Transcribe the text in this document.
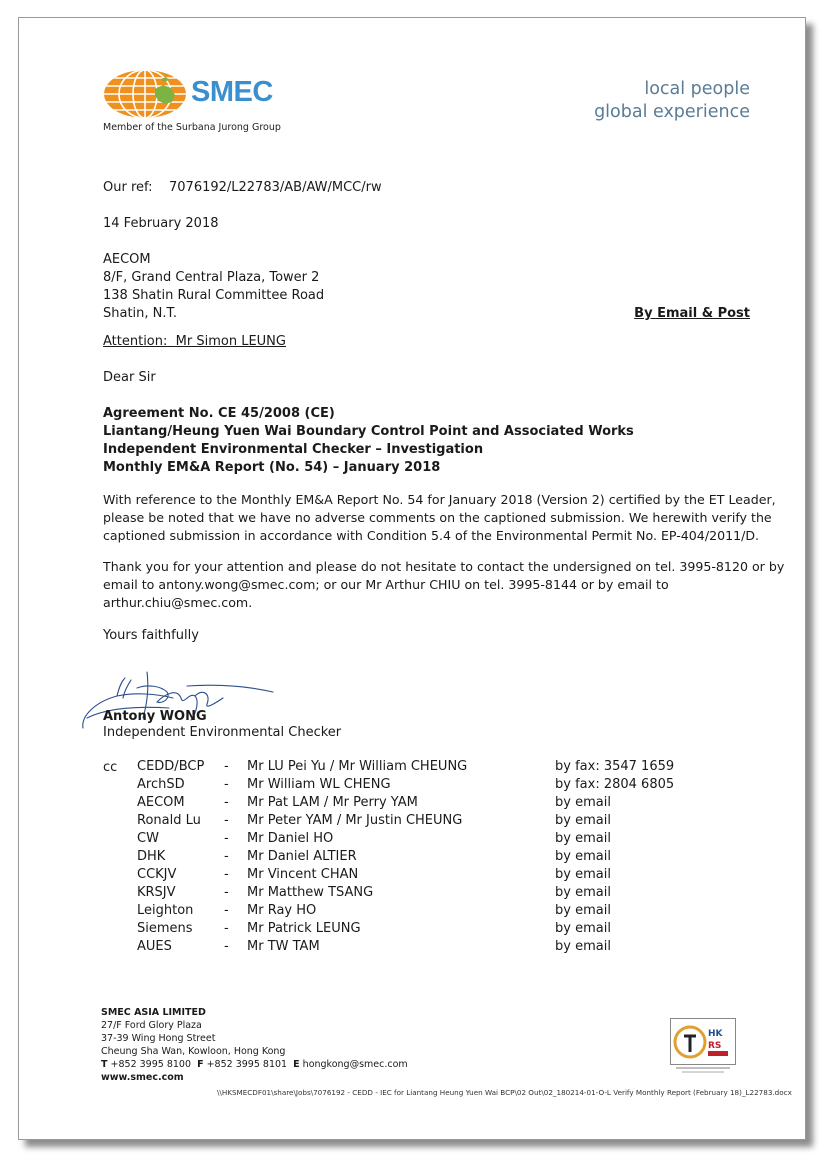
SMEC
Member of the Surbana Jurong Group
local people
global experience
Our ref: 7076192/L22783/AB/AW/MCC/rw
14 February 2018
AECOM
8/F, Grand Central Plaza, Tower 2
138 Shatin Rural Committee Road
Shatin, N.T.	By Email & Post
Attention: Mr Simon LEUNG
Dear Sir
Agreement No. CE 45/2008 (CE)
Liantang/Heung Yuen Wai Boundary Control Point and Associated Works
Independent Environmental Checker – Investigation
Monthly EM&A Report (No. 54) – January 2018
With reference to the Monthly EM&A Report No. 54 for January 2018 (Version 2) certified by the ET Leader,
please be noted that we have no adverse comments on the captioned submission. We herewith verify the
captioned submission in accordance with Condition 5.4 of the Environmental Permit No. EP-404/2011/D.
Thank you for your attention and please do not hesitate to contact the undersigned on tel. 3995-8120 or by
email to antony.wong@smec.com; or our Mr Arthur CHIU on tel. 3995-8144 or by email to
arthur.chiu@smec.com.
Yours faithfully
Antony WONG
Independent Environmental Checker
cc CEDD/BCP - Mr LU Pei Yu / Mr William CHEUNG	by fax: 3547 1659
ArchSD	- Mr William WL CHENG	by fax: 2804 6805
AECOM	- Mr Pat LAM / Mr Perry YAM	by email
Ronald Lu - Mr Peter YAM / Mr Justin CHEUNG	by email
CW	- Mr Daniel HO	by email
DHK	- Mr Daniel ALTIER	by email
CCKJV	- Mr Vincent CHAN	by email
KRSJV	- Mr Matthew TSANG	by email
Leighton - Mr Ray HO	by email
Siemens - Mr Patrick LEUNG	by email
AUES	- Mr TW TAM	by email
SMEC ASIA LIMITED
27/F Ford Glory Plaza
37-39 Wing Hong Street
Cheung Sha Wan, Kowloon, Hong Kong
T +852 3995 8100 F +852 3995 8101 E hongkong@smec.com
www.smec.com
HK
RS
\\HKSMECDF01\share\Jobs\7076192 - CEDD - IEC for Liantang Heung Yuen Wai BCP\02 Out\02_180214-01-O-L Verify Monthly Report (February 18)_L22783.docx
